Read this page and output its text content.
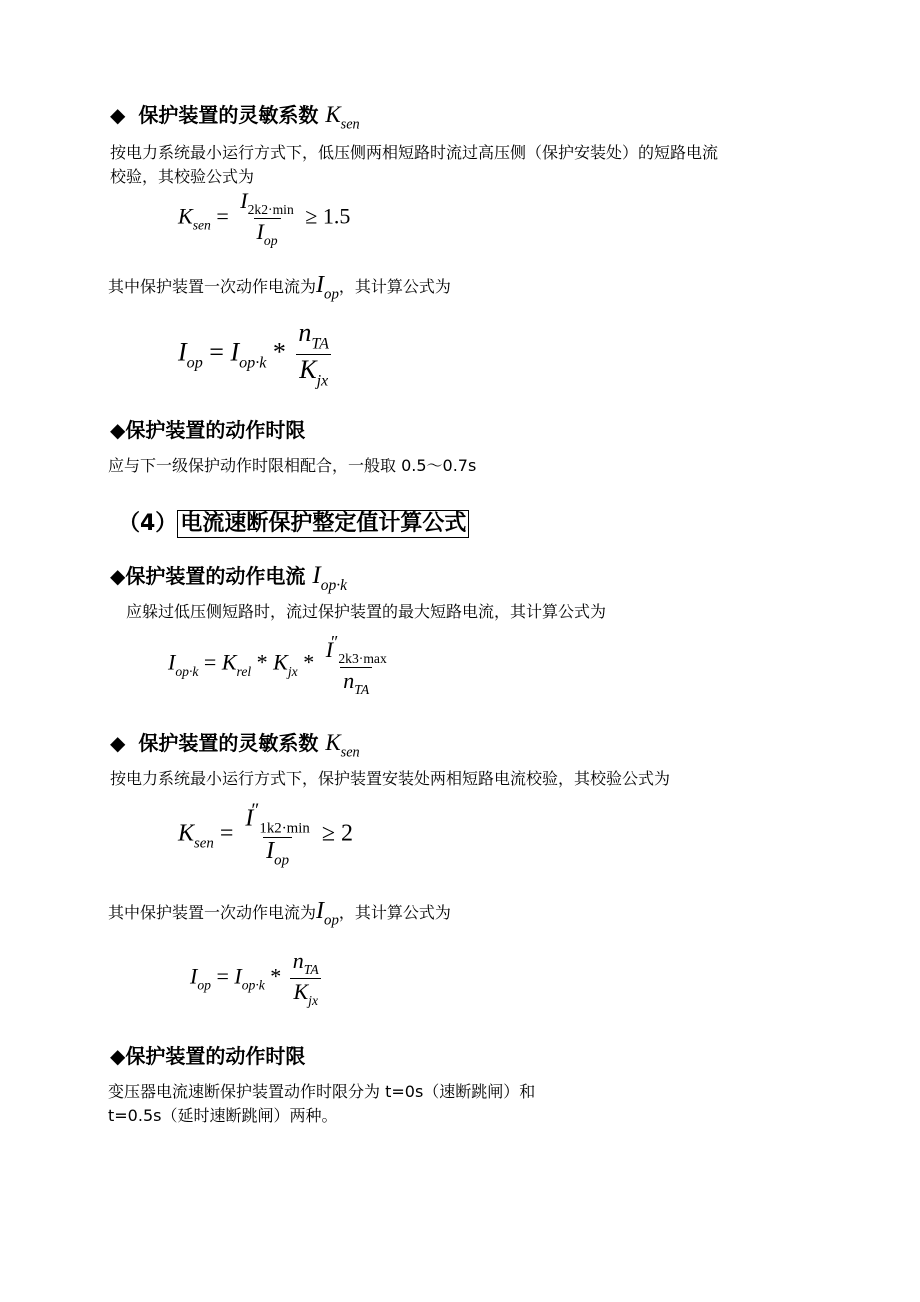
◆ 保护装置的灵敏系数 $K_{sen}$
按电力系统最小运行方式下，低压侧两相短路时流过高压侧（保护安装处）的短路电流
校验，其校验公式为
$K_{sen} = \frac{I_{2k2\cdot min}}{I_{op}} \ge 1.5$
其中保护装置一次动作电流为$I_{op}$，其计算公式为
$I_{op} = I_{op\cdot k} * \frac{n_{TA}}{K_{jx}}$
◆保护装置的动作时限
应与下一级保护动作时限相配合，一般取 0.5～0.7s
（4） 电流速断保护整定值计算公式
◆保护装置的动作电流 $I_{op\cdot k}$
应躲过低压侧短路时，流过保护装置的最大短路电流，其计算公式为
$I_{op\cdot k} = K_{rel} * K_{jx} * \frac{I''_{2k3\cdot max}}{n_{TA}}$
◆ 保护装置的灵敏系数 $K_{sen}$
按电力系统最小运行方式下，保护装置安装处两相短路电流校验，其校验公式为
$K_{sen} = \frac{I''_{1k2\cdot min}}{I_{op}} \ge 2$
其中保护装置一次动作电流为$I_{op}$，其计算公式为
$I_{op} = I_{op\cdot k} * \frac{n_{TA}}{K_{jx}}$
◆保护装置的动作时限
变压器电流速断保护装置动作时限分为 t=0s（速断跳闸）和
t=0.5s（延时速断跳闸）两种。
